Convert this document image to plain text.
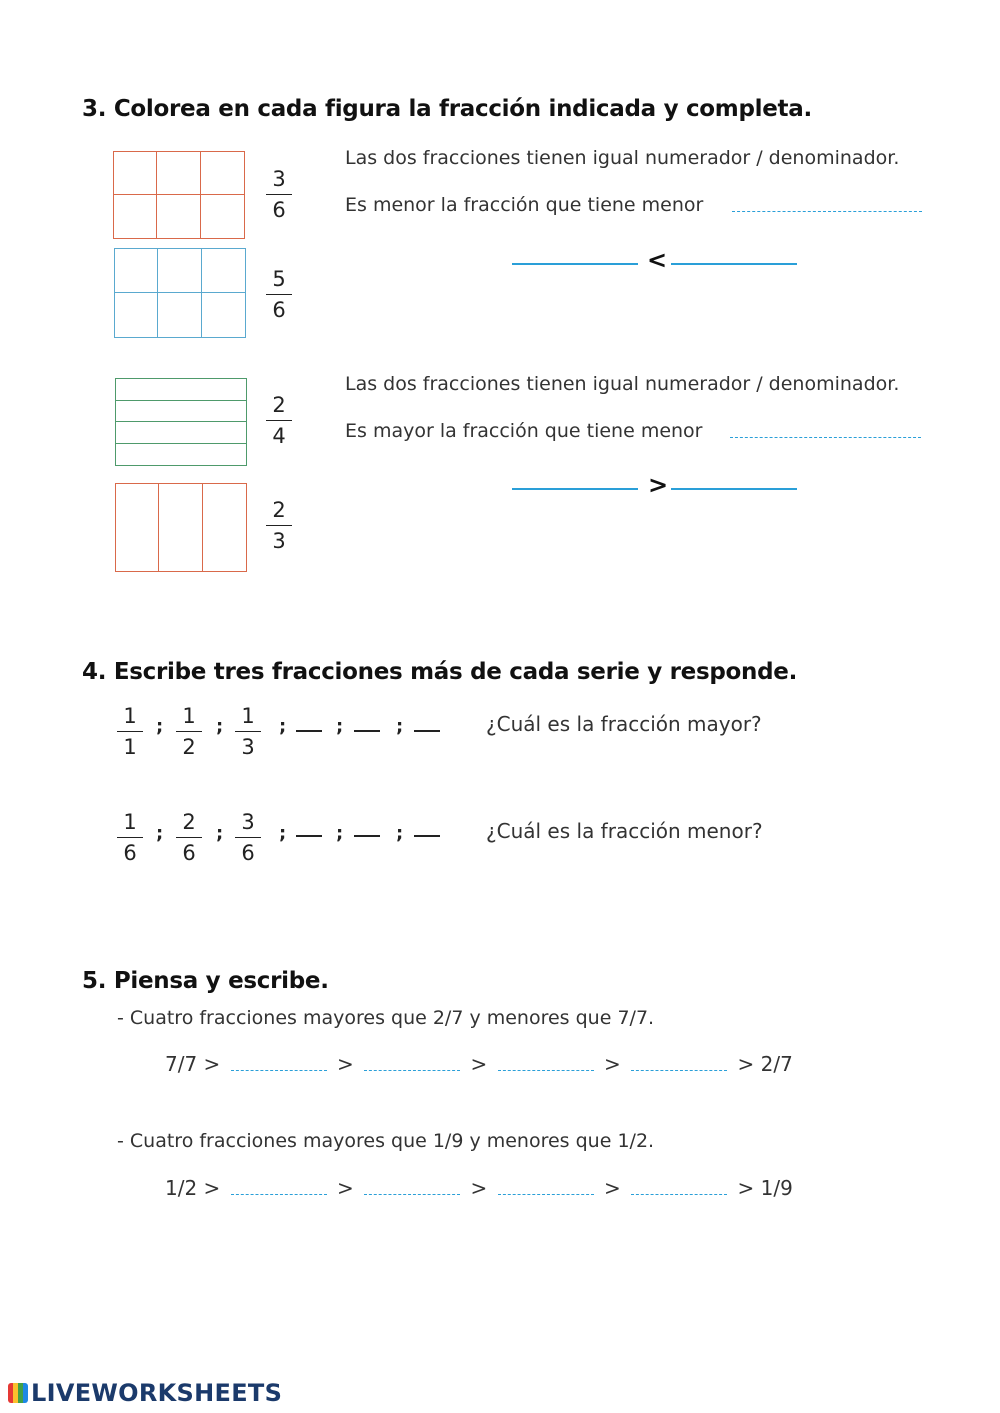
3. Colorea en cada figura la fracción indicada y completa.
3
6
5
6
Las dos fracciones tienen igual numerador / denominador.
Es menor la fracción que tiene menor
<
2
4
2
3
Las dos fracciones tienen igual numerador / denominador.
Es mayor la fracción que tiene menor
>
4. Escribe tres fracciones más de cada serie y responde.
1
1
; 1
2
; 1
3
;	;	;	¿Cuál es la fracción mayor?
1
6
; 2
6
; 3
6
;	;	;	¿Cuál es la fracción menor?
5. Piensa y escribe.
- Cuatro fracciones mayores que 2/7 y menores que 7/7.
7/7 >	>	>	>	> 2/7
- Cuatro fracciones mayores que 1/9 y menores que 1/2.
1/2 >	>	>	>	> 1/9
LIVEWORKSHEETS
